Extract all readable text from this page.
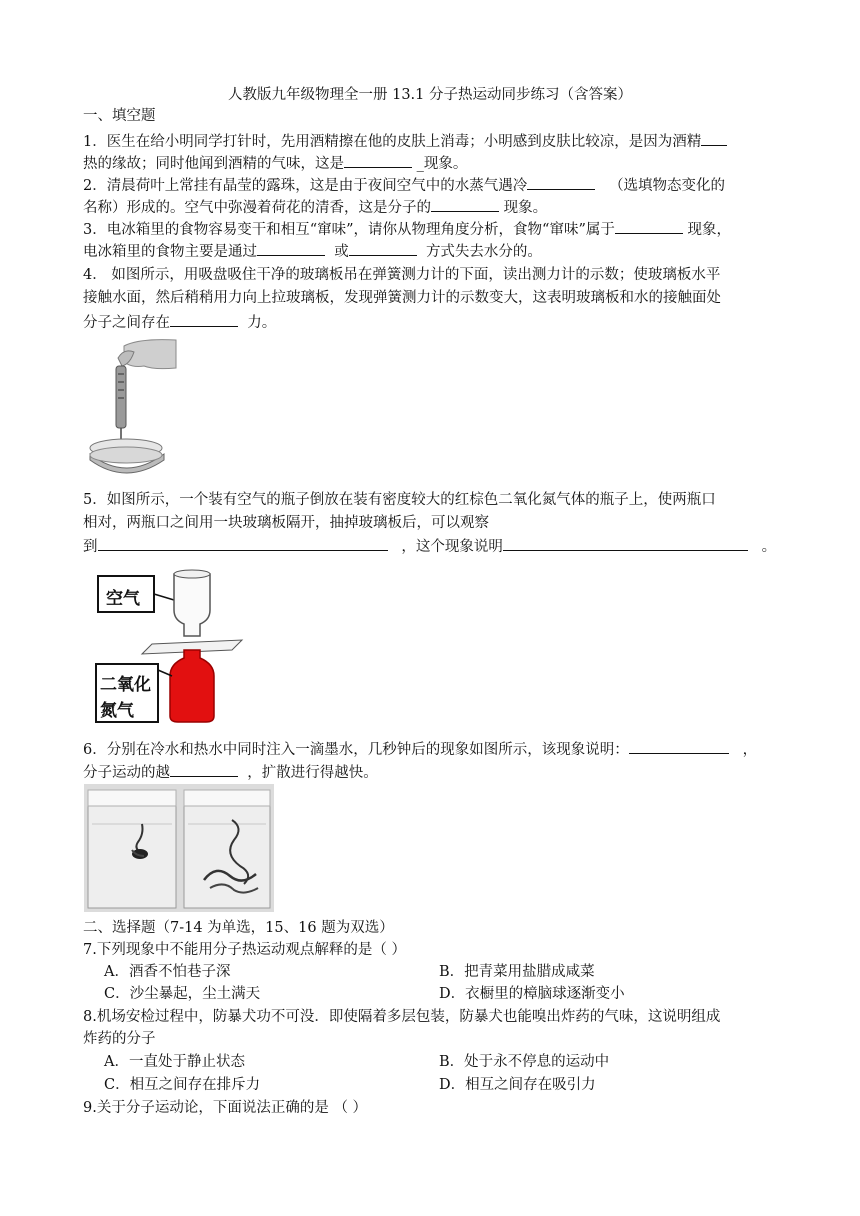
人教版九年级物理全一册 13.1 分子热运动同步练习（含答案）
一、填空题
1．医生在给小明同学打针时，先用酒精擦在他的皮肤上消毒；小明感到皮肤比较凉，是因为酒精
热的缘故；同时他闻到酒精的气味，这是	_现象。
2．清晨荷叶上常挂有晶莹的露珠，这是由于夜间空气中的水蒸气遇冷	（选填物态变化的
名称）形成的。空气中弥漫着荷花的清香，这是分子的	现象。
3．电冰箱里的食物容易变干和相互“窜味”，请你从物理角度分析，食物“窜味”属于	现象，
电冰箱里的食物主要是通过	或	方式失去水分的。
4． 如图所示，用吸盘吸住干净的玻璃板吊在弹簧测力计的下面，读出测力计的示数；使玻璃板水平
接触水面，然后稍稍用力向上拉玻璃板，发现弹簧测力计的示数变大，这表明玻璃板和水的接触面处
分子之间存在	力。
5．如图所示，一个装有空气的瓶子倒放在装有密度较大的红棕色二氧化氮气体的瓶子上，使两瓶口
相对，两瓶口之间用一块玻璃板隔开，抽掉玻璃板后，可以观察
到	，这个现象说明	。
空气
二氧化
氮气
6．分别在冷水和热水中同时注入一滴墨水，几秒钟后的现象如图所示，该现象说明：	，
分子运动的越	，扩散进行得越快。
二、选择题（7-14 为单选，15、16 题为双选）
7.下列现象中不能用分子热运动观点解释的是（ ）
A．酒香不怕巷子深	B．把青菜用盐腊成咸菜
C．沙尘暴起，尘土满天	D．衣橱里的樟脑球逐渐变小
8.机场安检过程中，防暴犬功不可没．即使隔着多层包装，防暴犬也能嗅出炸药的气味，这说明组成
炸药的分子
A．一直处于静止状态	B．处于永不停息的运动中
C．相互之间存在排斥力	D．相互之间存在吸引力
9.关于分子运动论，下面说法正确的是 （ ）
